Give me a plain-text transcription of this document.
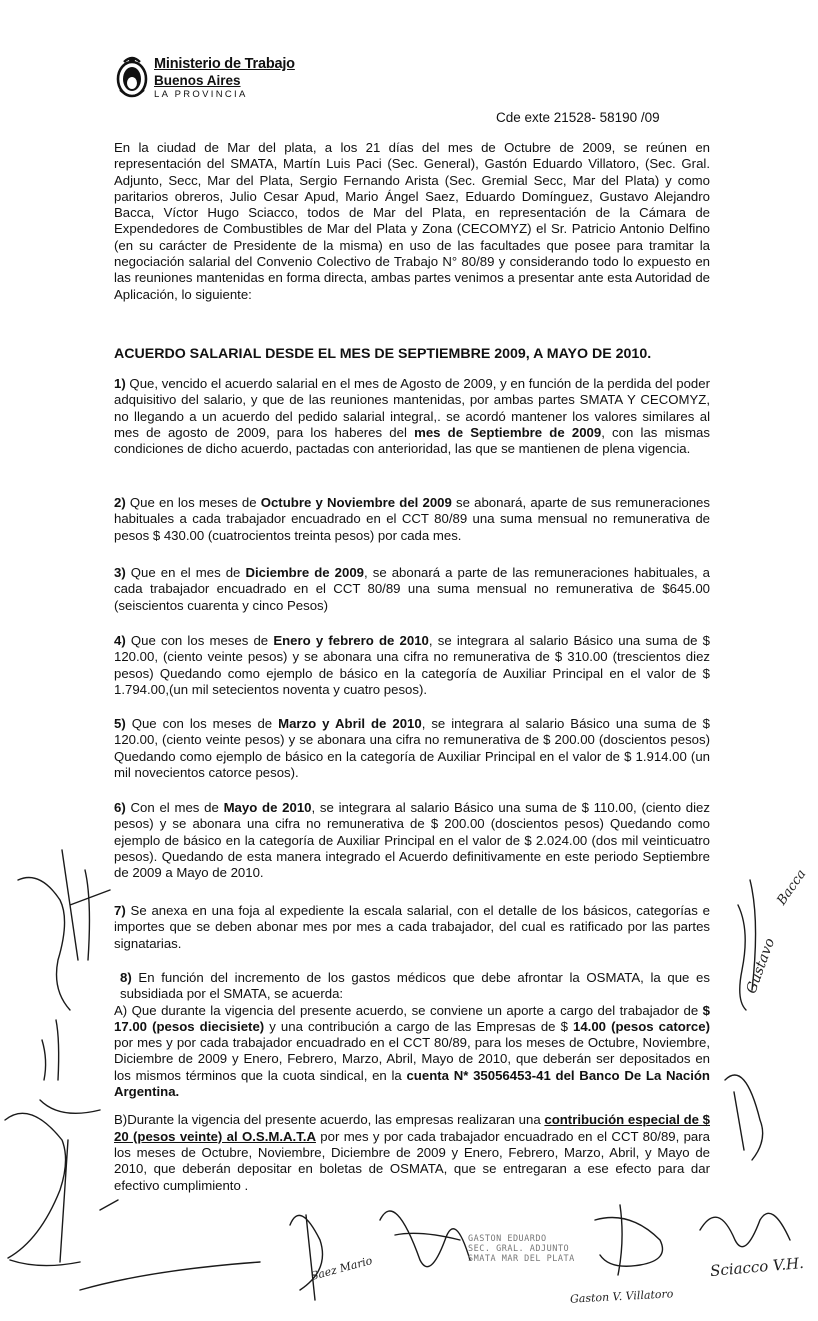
Ministerio de Trabajo
Buenos Aires
LA PROVINCIA
Cde exte 21528- 58190 /09

En la ciudad de Mar del plata, a los 21 días del mes de Octubre de 2009, se reúnen en representación del SMATA, Martín Luis Paci (Sec. General), Gastón Eduardo Villatoro, (Sec. Gral. Adjunto, Secc, Mar del Plata, Sergio Fernando Arista (Sec. Gremial Secc, Mar del Plata) y como paritarios obreros, Julio Cesar Apud, Mario Ángel Saez, Eduardo Domínguez, Gustavo Alejandro Bacca, Víctor Hugo Sciacco, todos de Mar del Plata, en representación de la Cámara de Expendedores de Combustibles de Mar del Plata y Zona (CECOMYZ) el Sr. Patricio Antonio Delfino (en su carácter de Presidente de la misma) en uso de las facultades que posee para tramitar la negociación salarial del Convenio Colectivo de Trabajo N° 80/89 y considerando todo lo expuesto en las reuniones mantenidas en forma directa, ambas partes venimos a presentar ante esta Autoridad de Aplicación, lo siguiente:

ACUERDO SALARIAL DESDE EL MES DE SEPTIEMBRE 2009, A MAYO DE 2010.

1) Que, vencido el acuerdo salarial en el mes de Agosto de 2009, y en función de la perdida del poder adquisitivo del salario, y que de las reuniones mantenidas, por ambas partes SMATA Y CECOMYZ, no llegando a un acuerdo del pedido salarial integral,. se acordó mantener los valores similares al mes de agosto de 2009, para los haberes del mes de Septiembre de 2009, con las mismas condiciones de dicho acuerdo, pactadas con anterioridad, las que se mantienen de plena vigencia.

2) Que en los meses de Octubre y Noviembre del 2009 se abonará, aparte de sus remuneraciones habituales a cada trabajador encuadrado en el CCT 80/89 una suma mensual no remunerativa de pesos $ 430.00 (cuatrocientos treinta pesos) por cada mes.

3) Que en el mes de Diciembre de 2009, se abonará a parte de las remuneraciones habituales, a cada trabajador encuadrado en el CCT 80/89 una suma mensual no remunerativa de $645.00 (seiscientos cuarenta y cinco Pesos)

4) Que con los meses de Enero y febrero de 2010, se integrara al salario Básico una suma de $ 120.00, (ciento veinte pesos) y se abonara una cifra no remunerativa de $ 310.00 (trescientos diez pesos) Quedando como ejemplo de básico en la categoría de Auxiliar Principal en el valor de $ 1.794.00,(un mil setecientos noventa y cuatro pesos).

5) Que con los meses de Marzo y Abril de 2010, se integrara al salario Básico una suma de $ 120.00, (ciento veinte pesos) y se abonara una cifra no remunerativa de $ 200.00 (doscientos pesos) Quedando como ejemplo de básico en la categoría de Auxiliar Principal en el valor de $ 1.914.00 (un mil novecientos catorce pesos).

6) Con el mes de Mayo de 2010, se integrara al salario Básico una suma de $ 110.00, (ciento diez pesos) y se abonara una cifra no remunerativa de $ 200.00 (doscientos pesos) Quedando como ejemplo de básico en la categoría de Auxiliar Principal en el valor de $ 2.024.00 (dos mil veinticuatro pesos). Quedando de esta manera integrado el Acuerdo definitivamente en este periodo Septiembre de 2009 a Mayo de 2010.

7) Se anexa en una foja al expediente la escala salarial, con el detalle de los básicos, categorías e importes que se deben abonar mes por mes a cada trabajador, del cual es ratificado por las partes signatarias.

8) En función del incremento de los gastos médicos que debe afrontar la OSMATA, la que es subsidiada por el SMATA, se acuerda:

A) Que durante la vigencia del presente acuerdo, se conviene un aporte a cargo del trabajador de $ 17.00 (pesos diecisiete) y una contribución a cargo de las Empresas de $ 14.00 (pesos catorce) por mes y por cada trabajador encuadrado en el CCT 80/89, para los meses de Octubre, Noviembre, Diciembre de 2009 y Enero, Febrero, Marzo, Abril, Mayo de 2010, que deberán ser depositados en los mismos términos que la cuota sindical, en la cuenta N* 35056453-41 del Banco De La Nación Argentina.

B)Durante la vigencia del presente acuerdo, las empresas realizaran una contribución especial de $ 20 (pesos veinte) al O.S.M.A.T.A por mes y por cada trabajador encuadrado en el CCT 80/89, para los meses de Octubre, Noviembre, Diciembre de 2009 y Enero, Febrero, Marzo, Abril, y Mayo de 2010, que deberán depositar en boletas de OSMATA, que se entregaran a ese efecto para dar efectivo cumplimiento .

Bacca
Gustavo
Sciacco V.H.
Saez Mario
Gaston V. Villatoro
GASTON EDUARDO
SEC. GRAL. ADJUNTO
SMATA MAR DEL PLATA
